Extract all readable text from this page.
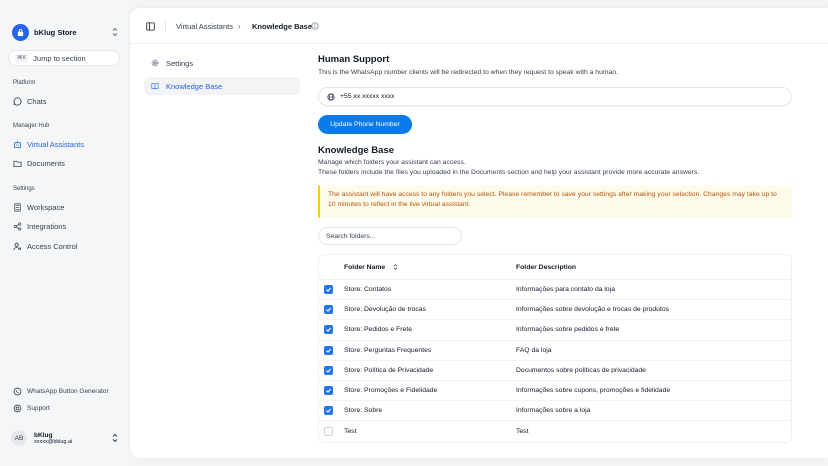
bKlug Store
⌘K Jump to section
Platform
Chats
Manager Hub
Virtual Assistants
Documents
Settings
Workspace
Integrations
Access Control
WhatsApp Button Generator
Support
AB	bKlug
xxxxx@bklug.ai
Virtual Assistants › Knowledge Base
Settings
Knowledge Base
Human Support
This is the WhatsApp number clients will be redirected to when they request to speak with a human.
+55 xx xxxxx xxxx
Update Phone Number
Knowledge Base
Manage which folders your assistant can access.
These folders include the files you uploaded in the Documents section and help your assistant provide more accurate answers.
The assistant will have access to any folders you select. Please remember to save your settings after making your selection. Changes may take up to 10 minutes to reflect in the live virtual assistant.
Search folders...
Folder Name	Folder Description
Store: Contatos	Informações para contato da loja
Store: Devolução de trocas	Informações sobre devolução e trocas de produtos
Store: Pedidos e Frete	Informações sobre pedidos e frete
Store: Perguntas Frequentes	FAQ da loja
Store: Política de Privacidade	Documentos sobre políticas de privacidade
Store: Promoções e Fidelidade	Informações sobre cupons, promoções e fidelidade
Store: Sobre	Informações sobre a loja
Test	Test
